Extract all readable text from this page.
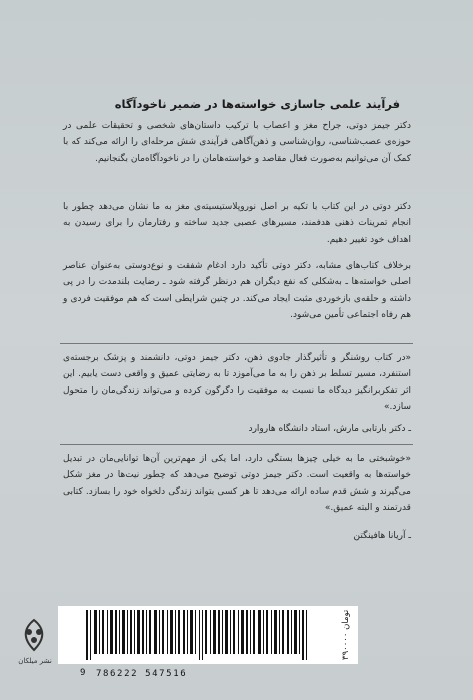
فرآیند علمی جاسازی خواسته‌ها در ضمیر ناخودآگاه

دکتر جیمز دوتی، جراح مغز و اعصاب با ترکیب داستان‌های شخصی و تحقیقات علمی در حوزه‌ی عصب‌شناسی، روان‌شناسی و ذهن‌آگاهی فرآیندی شش مرحله‌ای را ارائه می‌کند که با کمک آن می‌توانیم به‌صورت فعال مقاصد و خواسته‌هامان را در ناخودآگاه‌مان بگنجانیم.

دکتر دوتی در این کتاب با تکیه بر اصل نوروپلاستیسیته‌ی مغز به ما نشان می‌دهد چطور با انجام تمرینات ذهنی هدفمند، مسیرهای عصبی جدید ساخته و رفتارمان را برای رسیدن به اهداف خود تغییر دهیم.

برخلاف کتاب‌های مشابه، دکتر دوتی تأکید دارد ادغام شفقت و نوع‌دوستی به‌عنوان عناصر اصلی خواسته‌ها ـ به‌شکلی که نفع دیگران هم درنظر گرفته شود ـ رضایت بلندمدت را در پی داشته و حلقه‌ی بازخوردی مثبت ایجاد می‌کند. در چنین شرایطی است که هم موفقیت فردی و هم رفاه اجتماعی تأمین می‌شود.

«در کتاب روشنگر و تأثیرگذار جادوی ذهن، دکتر جیمز دوتی، دانشمند و پزشک برجسته‌ی استنفرد، مسیر تسلط بر ذهن را به ما می‌آموزد تا به رضایتی عمیق و واقعی دست یابیم. این اثر تفکربرانگیز دیدگاه ما نسبت به موفقیت را دگرگون کرده و می‌تواند زندگی‌مان را متحول سازد.»

ـ دکتر بارتابی مارش، استاد دانشگاه هاروارد

«خوشبختی ما به خیلی چیزها بستگی دارد، اما یکی از مهم‌ترین آن‌ها توانایی‌مان در تبدیل خواسته‌ها به واقعیت است. دکتر جیمز دوتی توضیح می‌دهد که چطور نیت‌ها در مغز شکل می‌گیرند و شش قدم ساده ارائه می‌دهد تا هر کسی بتواند زندگی دلخواه خود را بسازد. کتابی قدرتمند و البته عمیق.»

ـ آریانا هافینگتن
9 786222 547516
۳۹۰۰۰۰ تومان
نشر میلکان
